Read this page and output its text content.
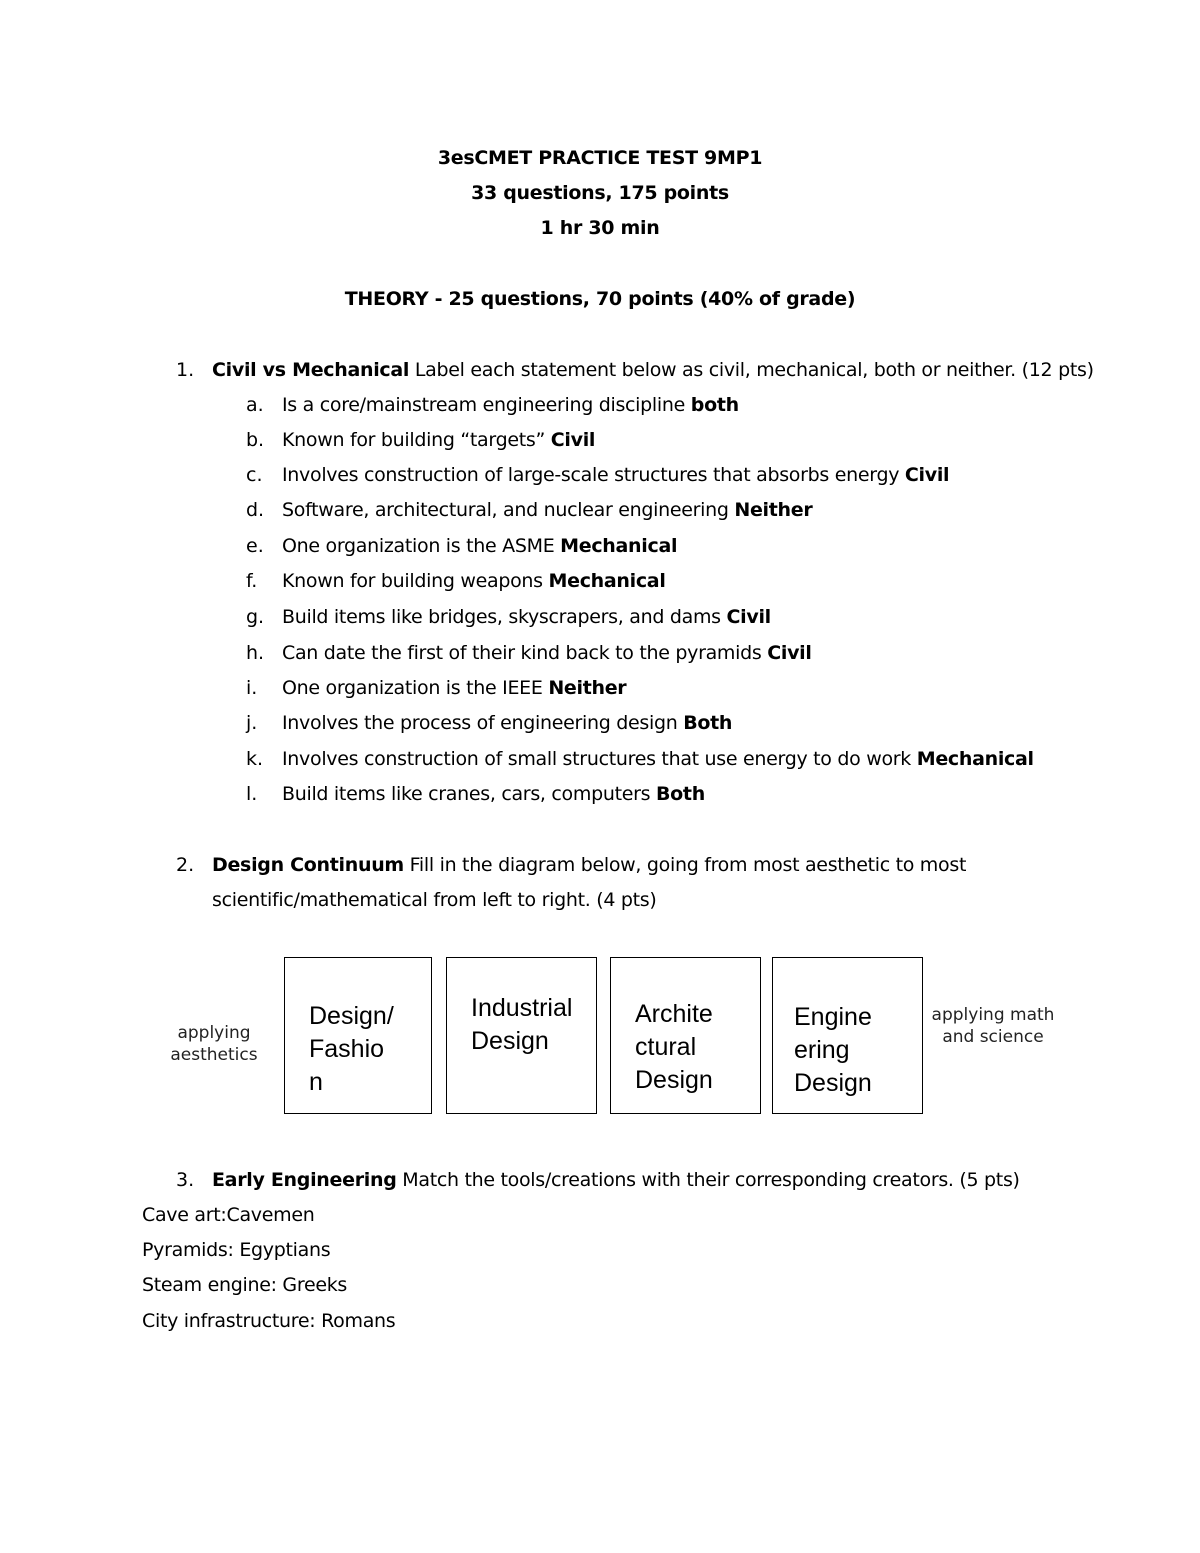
3esCMET PRACTICE TEST 9MP1
33 questions, 175 points
1 hr 30 min
THEORY - 25 questions, 70 points (40% of grade)
1. Civil vs Mechanical Label each statement below as civil, mechanical, both or neither. (12 pts)
a. Is a core/mainstream engineering discipline both
b. Known for building “targets” Civil
c. Involves construction of large-scale structures that absorbs energy Civil
d. Software, architectural, and nuclear engineering Neither
e. One organization is the ASME Mechanical
f. Known for building weapons Mechanical
g. Build items like bridges, skyscrapers, and dams Civil
h. Can date the first of their kind back to the pyramids Civil
i. One organization is the IEEE Neither
j. Involves the process of engineering design Both
k. Involves construction of small structures that use energy to do work Mechanical
l. Build items like cranes, cars, computers Both
2. Design Continuum Fill in the diagram below, going from most aesthetic to most
scientific/mathematical from left to right. (4 pts)
applying
aesthetics
Design/
Fashio
n
Industrial
Design
Archite
ctural
Design
Engine
ering
Design
applying math
and science
3. Early Engineering Match the tools/creations with their corresponding creators. (5 pts)
Cave art:Cavemen
Pyramids: Egyptians
Steam engine: Greeks
City infrastructure: Romans
